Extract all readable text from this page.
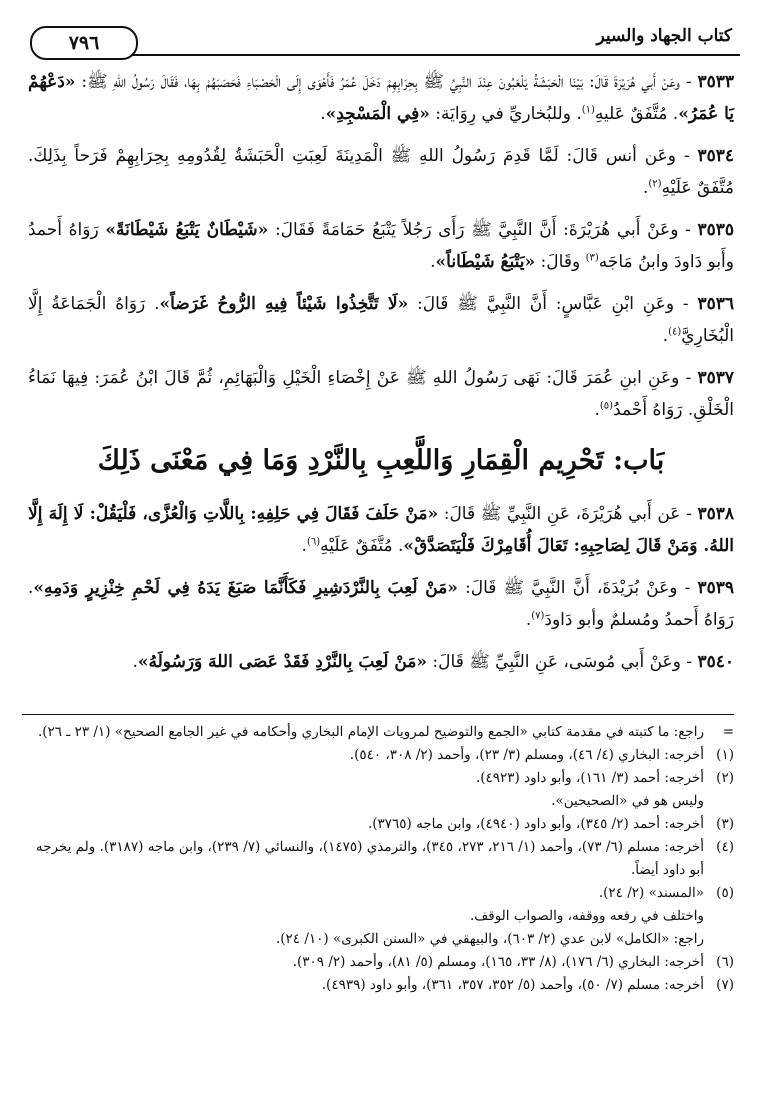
كتاب الجهاد والسير
٧٩٦

٣٥٣٣ - وعَنْ أَبي هُرَيْرَةَ قَالَ: بَيْنَا الْحَبَشَةُ يَلْعَبُونَ عِنْدَ النَّبِيِّ ﷺ بِحِرَابِهِمْ دَخَلَ عُمَرُ فَأَهْوَى إِلَى الْحَصْبَاءِ فَحَصَبَهُمْ بِهَا، فَقَالَ رَسُولُ اللهِ ﷺ: «دَعْهُمْ يَا عُمَرُ». مُتَّفَقٌ عَليهِ$^{(١)}$. وللبُخاريِّ في رِوَايَة: «فِي الْمَسْجِدِ».

٣٥٣٤ - وعَن أنس قَالَ: لَمَّا قَدِمَ رَسُولُ اللهِ ﷺ الْمَدِينَةَ لَعِبَتِ الْحَبَشَةُ لِقُدُومِهِ بِحِرَابِهِمْ فَرَحاً بِذَلِكَ. مُتَّفَقٌ عَلَيْهِ$^{(٢)}$.

٣٥٣٥ - وعَنْ أَبي هُرَيْرَةَ: أَنَّ النَّبِيَّ ﷺ رَأَى رَجُلاً يَتْبَعُ حَمَامَةً فَقَالَ: «شَيْطَانٌ يَتْبَعُ شَيْطَانَةً» رَوَاهُ أَحمدُ وأَبو دَاودَ وابنُ مَاجَه$^{(٣)}$ وقَالَ: «يَتْبَعُ شَيْطَاناً».

٣٥٣٦ - وعَنِ ابْنِ عَبَّاسٍ: أَنَّ النَّبِيَّ ﷺ قَالَ: «لَا تَتَّخِذُوا شَيْئاً فِيهِ الرُّوحُ غَرَضاً». رَوَاهُ الْجَمَاعَةُ إِلَّا الْبُخَارِيَّ$^{(٤)}$.

٣٥٣٧ - وعَنِ ابنِ عُمَرَ قَالَ: نَهَى رَسُولُ اللهِ ﷺ عَنْ إِخْصَاءِ الْخَيْلِ وَالْبَهَائِمِ، ثُمَّ قَالَ ابْنُ عُمَرَ: فِيهَا نَمَاءُ الْخَلْقِ. رَوَاهُ أَحْمدُ$^{(٥)}$.

بَاب: تَحْرِيم الْقِمَارِ وَاللَّعِبِ بِالنَّرْدِ وَمَا فِي مَعْنَى ذَلِكَ

٣٥٣٨ - عَن أَبي هُرَيْرَةَ، عَنِ النَّبِيِّ ﷺ قَالَ: «مَنْ حَلَفَ فَقَالَ فِي حَلِفِهِ: بِاللَّاتِ وَالْعُزَّى، فَلْيَقُلْ: لَا إِلَهَ إِلَّا اللهُ. وَمَنْ قَالَ لِصَاحِبِهِ: تَعَالَ أُقَامِرْكَ فَلْيَتَصَدَّقْ». مُتَّفَقٌ عَلَيْهِ$^{(٦)}$.

٣٥٣٩ - وعَنْ بُرَيْدَةَ، أَنَّ النَّبِيَّ ﷺ قَالَ: «مَنْ لَعِبَ بِالنَّرْدَشِيرِ فَكَأَنَّمَا صَبَغَ يَدَهُ فِي لَحْمِ خِنْزِيرٍ وَدَمِهِ». رَوَاهُ أَحمدُ ومُسلمٌ وأبو دَاودَ$^{(٧)}$.

٣٥٤٠ - وعَنْ أَبي مُوسَى، عَنِ النَّبِيِّ ﷺ قَالَ: «مَنْ لَعِبَ بِالنَّرْدِ فَقَدْ عَصَى اللهَ وَرَسُولَهُ».

=
راجع: ما كتبته في مقدمة كتابي «الجمع والتوضيح لمرويات الإمام البخاري وأحكامه في غير الجامع الصحيح» (١/ ٢٣ ـ ٢٦).
(١)
أخرجه: البخاري (٤/ ٤٦)، ومسلم (٣/ ٢٣)، وأحمد (٢/ ٣٠٨، ٥٤٠).
(٢)
أخرجه: أحمد (٣/ ١٦١)، وأبو داود (٤٩٢٣).
وليس هو في «الصحيحين».
(٣)
أخرجه: أحمد (٢/ ٣٤٥)، وأبو داود (٤٩٤٠)، وابن ماجه (٣٧٦٥).
(٤)
أخرجه: مسلم (٦/ ٧٣)، وأحمد (١/ ٢١٦، ٢٧٣، ٣٤٥)، والترمذي (١٤٧٥)، والنسائي (٧/ ٢٣٩)، وابن ماجه (٣١٨٧). ولم يخرجه أبو داود أيضاً.
(٥)
«المسند» (٢/ ٢٤).
واختلف في رفعه ووقفه، والصواب الوقف.
راجع: «الكامل» لابن عدي (٢/ ٦٠٣)، والبيهقي في «السنن الكبرى» (١٠/ ٢٤).
(٦)
أخرجه: البخاري (٦/ ١٧٦)، (٨/ ٣٣، ١٦٥)، ومسلم (٥/ ٨١)، وأحمد (٢/ ٣٠٩).
(٧)
أخرجه: مسلم (٧/ ٥٠)، وأحمد (٥/ ٣٥٢، ٣٥٧، ٣٦١)، وأبو داود (٤٩٣٩).
